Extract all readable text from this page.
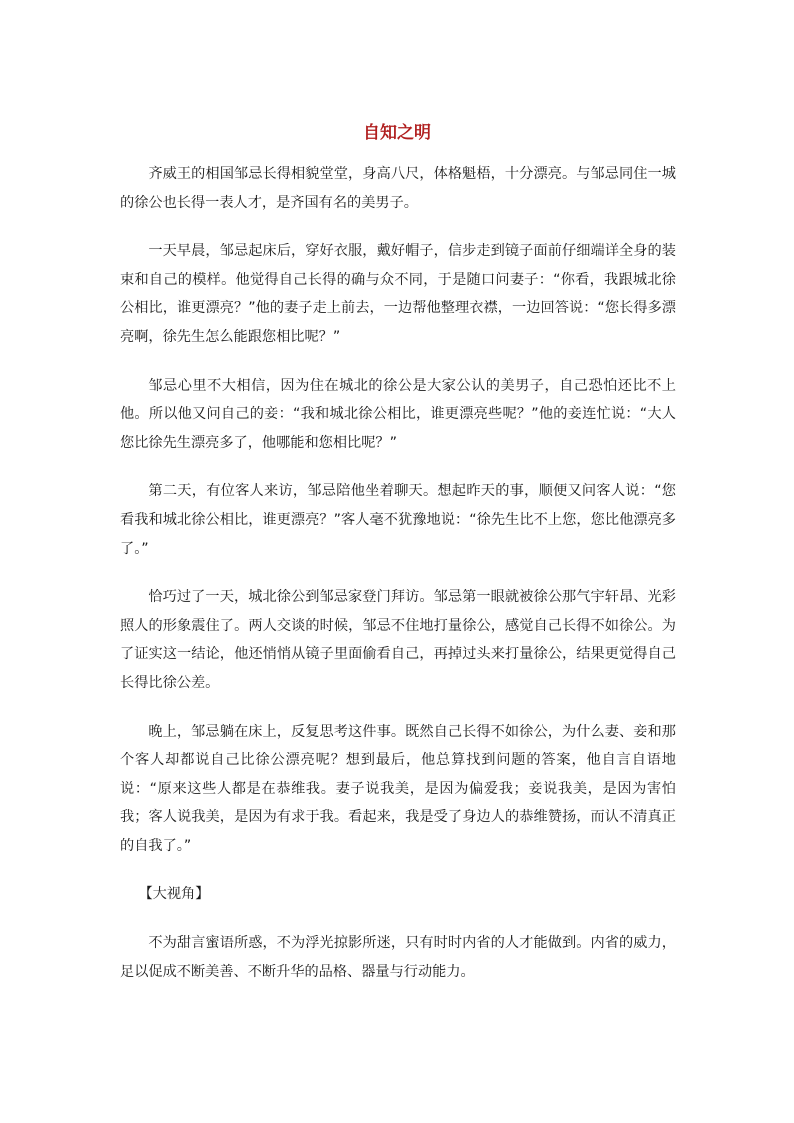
自知之明

齐威王的相国邹忌长得相貌堂堂，身高八尺，体格魁梧，十分漂亮。与邹忌同住一城的徐公也长得一表人才，是齐国有名的美男子。

一天早晨，邹忌起床后，穿好衣服，戴好帽子，信步走到镜子面前仔细端详全身的装束和自己的模样。他觉得自己长得的确与众不同，于是随口问妻子：“你看，我跟城北徐公相比，谁更漂亮？”他的妻子走上前去，一边帮他整理衣襟，一边回答说：“您长得多漂亮啊，徐先生怎么能跟您相比呢？”

邹忌心里不大相信，因为住在城北的徐公是大家公认的美男子，自己恐怕还比不上他。所以他又问自己的妾：“我和城北徐公相比，谁更漂亮些呢？”他的妾连忙说：“大人您比徐先生漂亮多了，他哪能和您相比呢？”

第二天，有位客人来访，邹忌陪他坐着聊天。想起昨天的事，顺便又问客人说：“您看我和城北徐公相比，谁更漂亮？”客人毫不犹豫地说：“徐先生比不上您，您比他漂亮多了。”

恰巧过了一天，城北徐公到邹忌家登门拜访。邹忌第一眼就被徐公那气宇轩昂、光彩照人的形象震住了。两人交谈的时候，邹忌不住地打量徐公，感觉自己长得不如徐公。为了证实这一结论，他还悄悄从镜子里面偷看自己，再掉过头来打量徐公，结果更觉得自己长得比徐公差。

晚上，邹忌躺在床上，反复思考这件事。既然自己长得不如徐公，为什么妻、妾和那个客人却都说自己比徐公漂亮呢？想到最后，他总算找到问题的答案，他自言自语地说：“原来这些人都是在恭维我。妻子说我美，是因为偏爱我；妾说我美，是因为害怕我；客人说我美，是因为有求于我。看起来，我是受了身边人的恭维赞扬，而认不清真正的自我了。”

【大视角】

不为甜言蜜语所惑，不为浮光掠影所迷，只有时时内省的人才能做到。内省的威力，足以促成不断美善、不断升华的品格、器量与行动能力。
